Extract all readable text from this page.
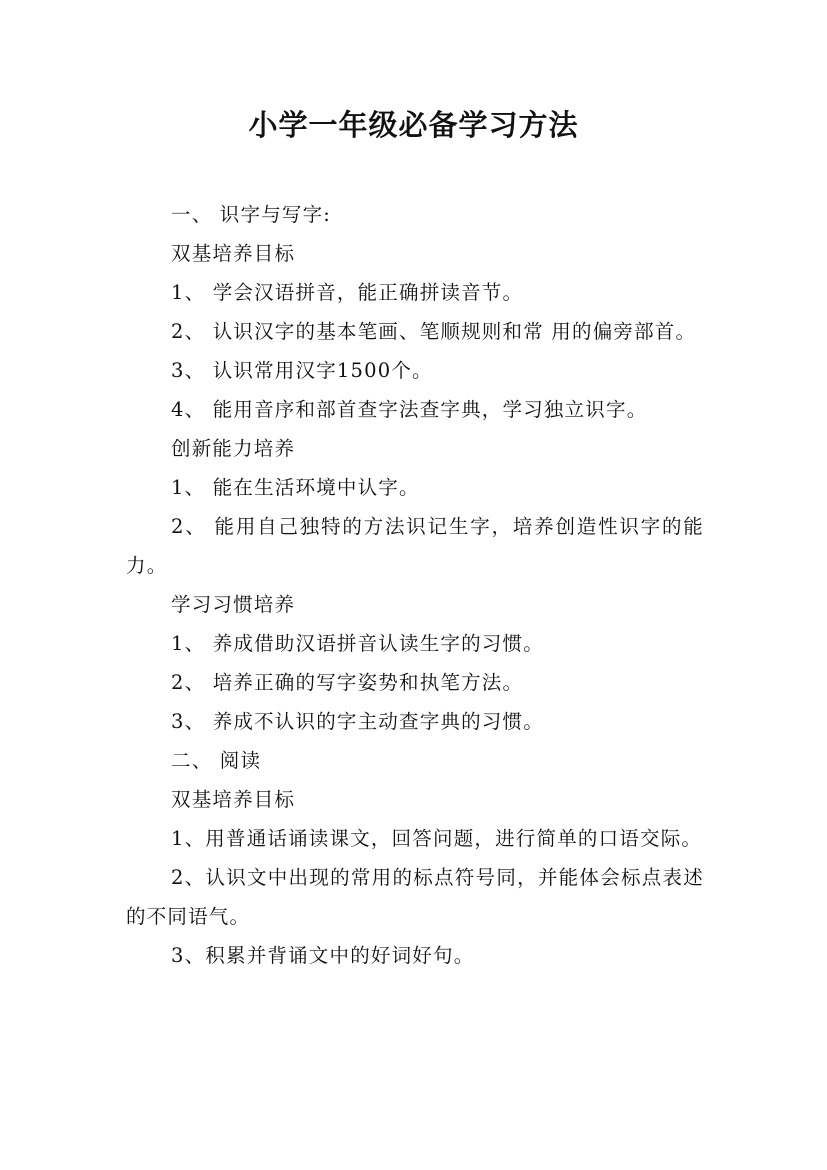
小学一年级必备学习方法

一、 识字与写字:

双基培养目标

1、 学会汉语拼音，能正确拼读音节。

2、 认识汉字的基本笔画、笔顺规则和常 用的偏旁部首。

3、 认识常用汉字1500个。

4、 能用音序和部首查字法查字典，学习独立识字。

创新能力培养

1、 能在生活环境中认字。

2、 能用自己独特的方法识记生字，培养创造性识字的能力。

学习习惯培养

1、 养成借助汉语拼音认读生字的习惯。

2、 培养正确的写字姿势和执笔方法。

3、 养成不认识的字主动查字典的习惯。

二、 阅读

双基培养目标

1、用普通话诵读课文，回答问题，进行简单的口语交际。

2、认识文中出现的常用的标点符号同，并能体会标点表述的不同语气。

3、积累并背诵文中的好词好句。
